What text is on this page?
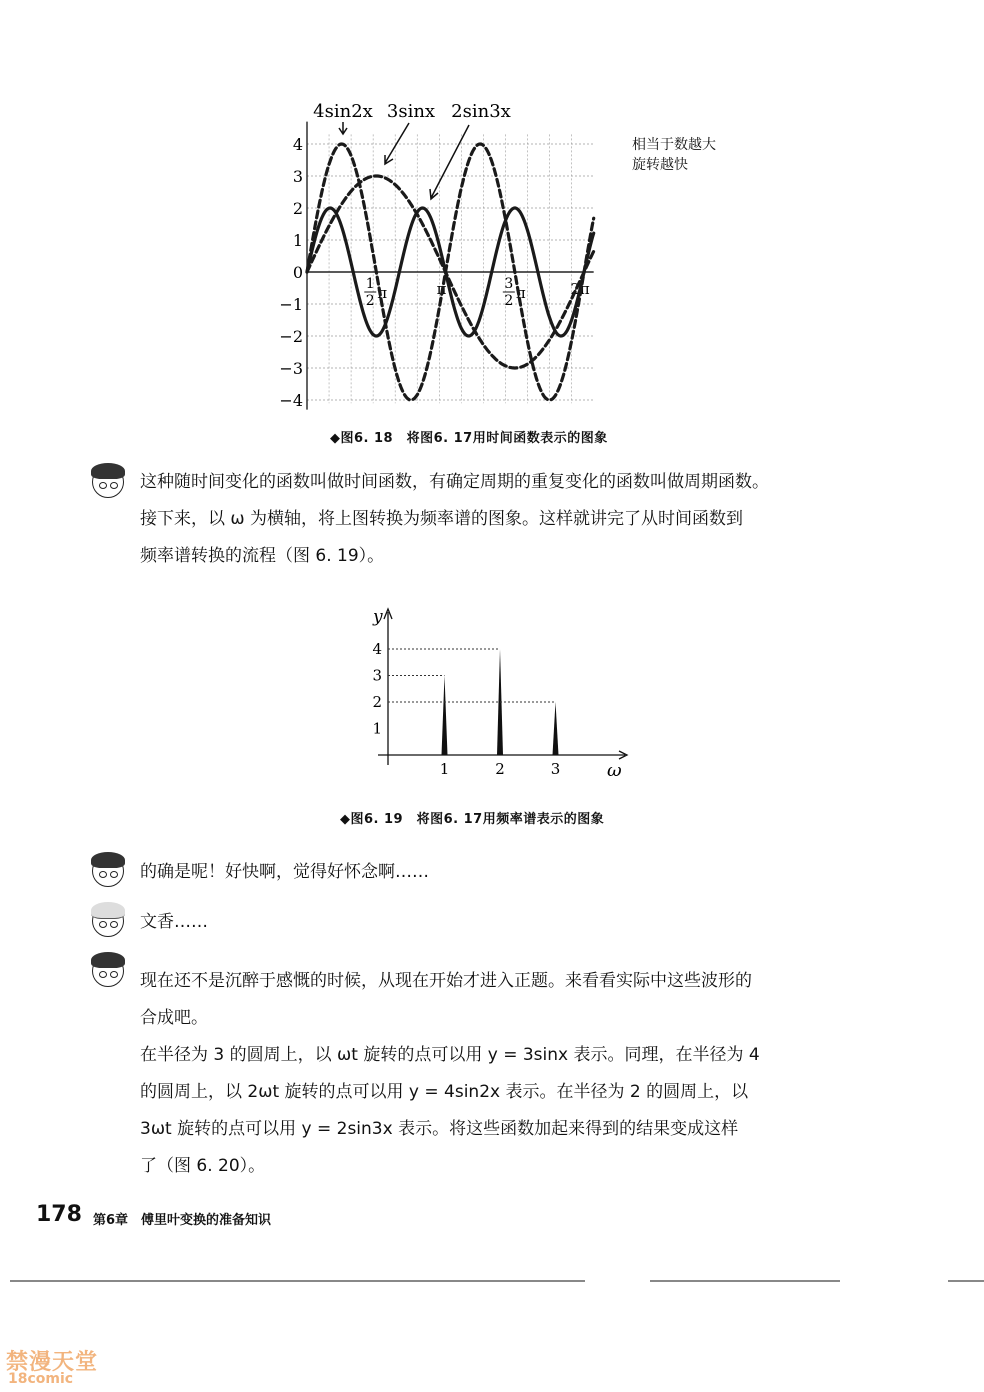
4
3
2
1
0
−1
−2
−3
−4
1
2 π	π	3
2 π	2π
4sin2x 3sinx 2sin3x
相当于数越大
旋转越快
◆图6. 18　将图6. 17用时间函数表示的图象
这种随时间变化的函数叫做时间函数，有确定周期的重复变化的函数叫做周期函数。
接下来，以 ω 为横轴，将上图转换为频率谱的图象。这样就讲完了从时间函数到
频率谱转换的流程（图 6. 19）。
y
ω
4
3
2
1
1	2	3
◆图6. 19　将图6. 17用频率谱表示的图象
的确是呢！好快啊，觉得好怀念啊……
文香……
现在还不是沉醉于感慨的时候，从现在开始才进入正题。来看看实际中这些波形的
合成吧。
在半径为 3 的圆周上，以 ωt 旋转的点可以用 y = 3sinx 表示。同理，在半径为 4
的圆周上，以 2ωt 旋转的点可以用 y = 4sin2x 表示。在半径为 2 的圆周上，以
3ωt 旋转的点可以用 y = 2sin3x 表示。将这些函数加起来得到的结果变成这样
了（图 6. 20）。
178 第6章　傅里叶变换的准备知识
禁漫天堂
18comic
